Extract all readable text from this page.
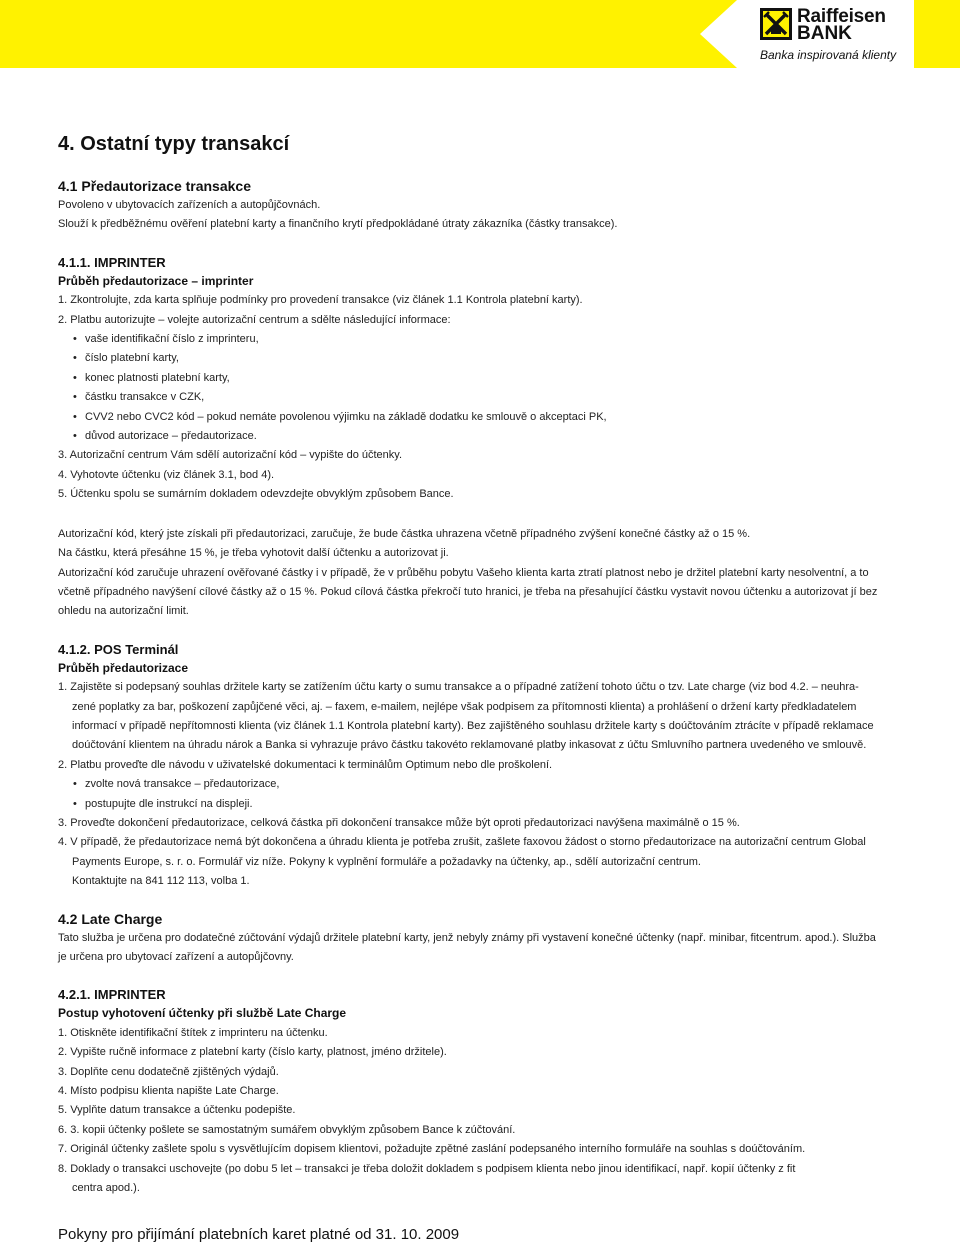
Raiffeisen
BANK
Banka inspirovaná klienty
4. Ostatní typy transakcí
4.1 Předautorizace transakce
Povoleno v ubytovacích zařízeních a autopůjčovnách.
Slouží k předběžnému ověření platební karty a finančního krytí předpokládané útraty zákazníka (částky transakce).
4.1.1. IMPRINTER
Průběh předautorizace – imprinter
1. Zkontrolujte, zda karta splňuje podmínky pro provedení transakce (viz článek 1.1 Kontrola platební karty).
2. Platbu autorizujte – volejte autorizační centrum a sdělte následující informace:
• vaše identifikační číslo z imprinteru,
• číslo platební karty,
• konec platnosti platební karty,
• částku transakce v CZK,
• CVV2 nebo CVC2 kód – pokud nemáte povolenou výjimku na základě dodatku ke smlouvě o akceptaci PK,
• důvod autorizace – předautorizace.
3. Autorizační centrum Vám sdělí autorizační kód – vypište do účtenky.
4. Vyhotovte účtenku (viz článek 3.1, bod 4).
5. Účtenku spolu se sumárním dokladem odevzdejte obvyklým způsobem Bance.
Autorizační kód, který jste získali při předautorizaci, zaručuje, že bude částka uhrazena včetně případného zvýšení konečné částky až o 15 %.
Na částku, která přesáhne 15 %, je třeba vyhotovit další účtenku a autorizovat ji.
Autorizační kód zaručuje uhrazení ověřované částky i v případě, že v průběhu pobytu Vašeho klienta karta ztratí platnost nebo je držitel platební karty nesolventní, a to
včetně případného navýšení cílové částky až o 15 %. Pokud cílová částka překročí tuto hranici, je třeba na přesahující částku vystavit novou účtenku a autorizovat jí bez
ohledu na autorizační limit.
4.1.2. POS Terminál
Průběh předautorizace
1. Zajistěte si podepsaný souhlas držitele karty se zatížením účtu karty o sumu transakce a o případné zatížení tohoto účtu o tzv. Late charge (viz bod 4.2. – neuhra-
zené poplatky za bar, poškození zapůjčené věci, aj. – faxem, e-mailem, nejlépe však podpisem za přítomnosti klienta) a prohlášení o držení karty předkladatelem
informací v případě nepřítomnosti klienta (viz článek 1.1 Kontrola platební karty). Bez zajištěného souhlasu držitele karty s doúčtováním ztrácíte v případě reklamace
doúčtování klientem na úhradu nárok a Banka si vyhrazuje právo částku takovéto reklamované platby inkasovat z účtu Smluvního partnera uvedeného ve smlouvě.
2. Platbu proveďte dle návodu v uživatelské dokumentaci k terminálům Optimum nebo dle proškolení.
• zvolte nová transakce – předautorizace,
• postupujte dle instrukcí na displeji.
3. Proveďte dokončení předautorizace, celková částka při dokončení transakce může být oproti předautorizaci navýšena maximálně o 15 %.
4. V případě, že předautorizace nemá být dokončena a úhradu klienta je potřeba zrušit, zašlete faxovou žádost o storno předautorizace na autorizační centrum Global
Payments Europe, s. r. o. Formulář viz níže. Pokyny k vyplnění formuláře a požadavky na účtenky, ap., sdělí autorizační centrum.
Kontaktujte na 841 112 113, volba 1.
4.2 Late Charge
Tato služba je určena pro dodatečné zúčtování výdajů držitele platební karty, jenž nebyly známy při vystavení konečné účtenky (např. minibar, fitcentrum. apod.). Služba
je určena pro ubytovací zařízení a autopůjčovny.
4.2.1. IMPRINTER
Postup vyhotovení účtenky při službě Late Charge
1. Otiskněte identifikační štítek z imprinteru na účtenku.
2. Vypište ručně informace z platební karty (číslo karty, platnost, jméno držitele).
3. Doplňte cenu dodatečně zjištěných výdajů.
4. Místo podpisu klienta napište Late Charge.
5. Vyplňte datum transakce a účtenku podepište.
6. 3. kopii účtenky pošlete se samostatným sumářem obvyklým způsobem Bance k zúčtování.
7. Originál účtenky zašlete spolu s vysvětlujícím dopisem klientovi, požadujte zpětné zaslání podepsaného interního formuláře na souhlas s doúčtováním.
8. Doklady o transakci uschovejte (po dobu 5 let – transakci je třeba doložit dokladem s podpisem klienta nebo jinou identifikací, např. kopií účtenky z fit
centra apod.).
Pokyny pro přijímání platebních karet platné od 31. 10. 2009
